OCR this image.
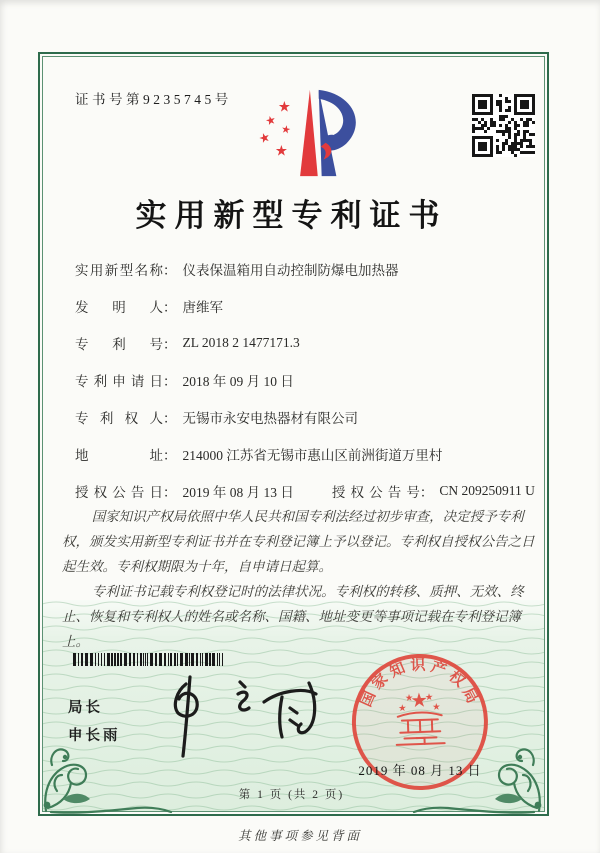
证书号第9235745号	★
★
★
★
★
实用新型专利证书
实用新型名称 ： 仪表保温箱用自动控制防爆电加热器
发明人 ： 唐维军
专利号 ： ZL 2018 2 1477171.3
专利申请日 ： 2018 年 09 月 10 日
专利权人 ： 无锡市永安电热器材有限公司
地址 ： 214000 江苏省无锡市惠山区前洲街道万里村
授权公告日 ： 2019 年 08 月 13 日	授权公告号 ： CN 209250911 U

国家知识产权局依照中华人民共和国专利法经过初步审查，决定授予专利权，颁发实用新型专利证书并在专利登记簿上予以登记。专利权自授权公告之日起生效。专利权期限为十年，自申请日起算。

专利证书记载专利权登记时的法律状况。专利权的转移、质押、无效、终止、恢复和专利权人的姓名或名称、国籍、地址变更等事项记载在专利登记簿上。

局长
申长雨
国
家
知 识 产
权
局
★
★
★ ★
★
2019 年 08 月 13 日
第 1 页 (共 2 页)
其他事项参见背面
